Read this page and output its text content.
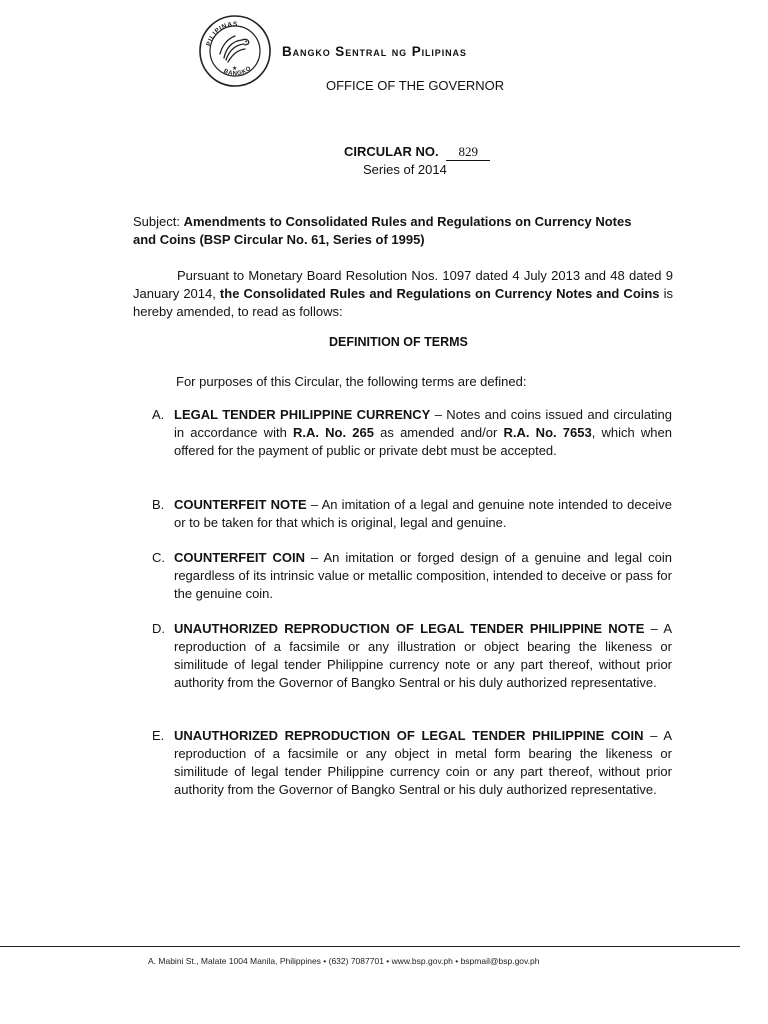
PILIPINAS
BANGKO
★
Bangko Sentral ng Pilipinas
OFFICE OF THE GOVERNOR
CIRCULAR NO. 829
Series of 2014
Subject: Amendments to Consolidated Rules and Regulations on Currency Notes
and Coins (BSP Circular No. 61, Series of 1995)
Pursuant to Monetary Board Resolution Nos. 1097 dated 4 July 2013 and 48 dated 9 January 2014, the Consolidated Rules and Regulations on Currency Notes and Coins is hereby amended, to read as follows:
DEFINITION OF TERMS
For purposes of this Circular, the following terms are defined:
A. LEGAL TENDER PHILIPPINE CURRENCY – Notes and coins issued and circulating in accordance with R.A. No. 265 as amended and/or R.A. No. 7653, which when offered for the payment of public or private debt must be accepted.
B. COUNTERFEIT NOTE – An imitation of a legal and genuine note intended to deceive or to be taken for that which is original, legal and genuine.
C. COUNTERFEIT COIN – An imitation or forged design of a genuine and legal coin regardless of its intrinsic value or metallic composition, intended to deceive or pass for the genuine coin.
D. UNAUTHORIZED REPRODUCTION OF LEGAL TENDER PHILIPPINE NOTE – A reproduction of a facsimile or any illustration or object bearing the likeness or similitude of legal tender Philippine currency note or any part thereof, without prior authority from the Governor of Bangko Sentral or his duly authorized representative.
E. UNAUTHORIZED REPRODUCTION OF LEGAL TENDER PHILIPPINE COIN – A reproduction of a facsimile or any object in metal form bearing the likeness or similitude of legal tender Philippine currency coin or any part thereof, without prior authority from the Governor of Bangko Sentral or his duly authorized representative.
A. Mabini St., Malate 1004 Manila, Philippines • (632) 7087701 • www.bsp.gov.ph • bspmail@bsp.gov.ph
